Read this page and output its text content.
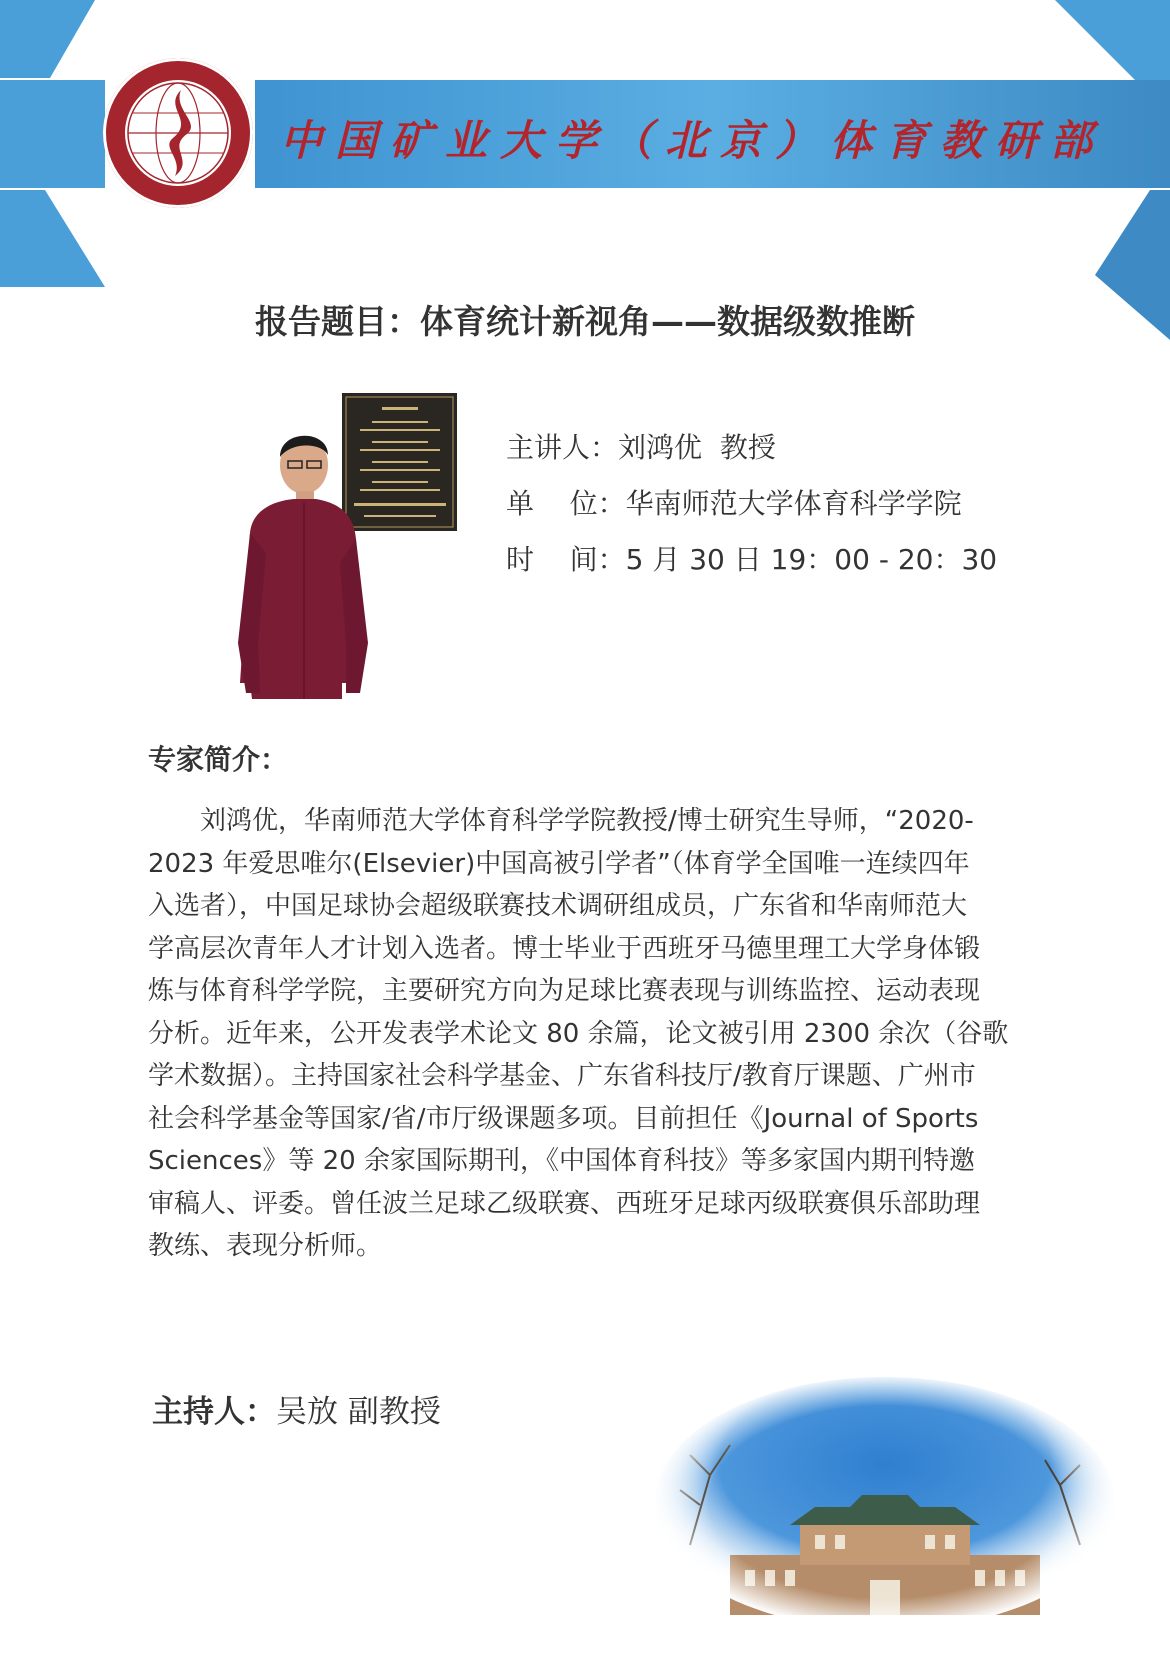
中国矿业大学（北京）体育教研部
报告题目：体育统计新视角——数据级数推断
主讲人：刘鸿优  教授
单    位：华南师范大学体育科学学院
时    间：5 月 30 日 19：00 - 20：30
专家简介：
刘鸿优，华南师范大学体育科学学院教授/博士研究生导师，“2020-
2023 年爱思唯尔(Elsevier)中国高被引学者”（体育学全国唯一连续四年
入选者），中国足球协会超级联赛技术调研组成员，广东省和华南师范大
学高层次青年人才计划入选者。博士毕业于西班牙马德里理工大学身体锻
炼与体育科学学院，主要研究方向为足球比赛表现与训练监控、运动表现
分析。近年来，公开发表学术论文 80 余篇，论文被引用 2300 余次（谷歌
学术数据）。主持国家社会科学基金、广东省科技厅/教育厅课题、广州市
社会科学基金等国家/省/市厅级课题多项。目前担任《Journal of Sports
Sciences》等 20 余家国际期刊，《中国体育科技》等多家国内期刊特邀
审稿人、评委。曾任波兰足球乙级联赛、西班牙足球丙级联赛俱乐部助理
教练、表现分析师。
主持人：吴放 副教授
